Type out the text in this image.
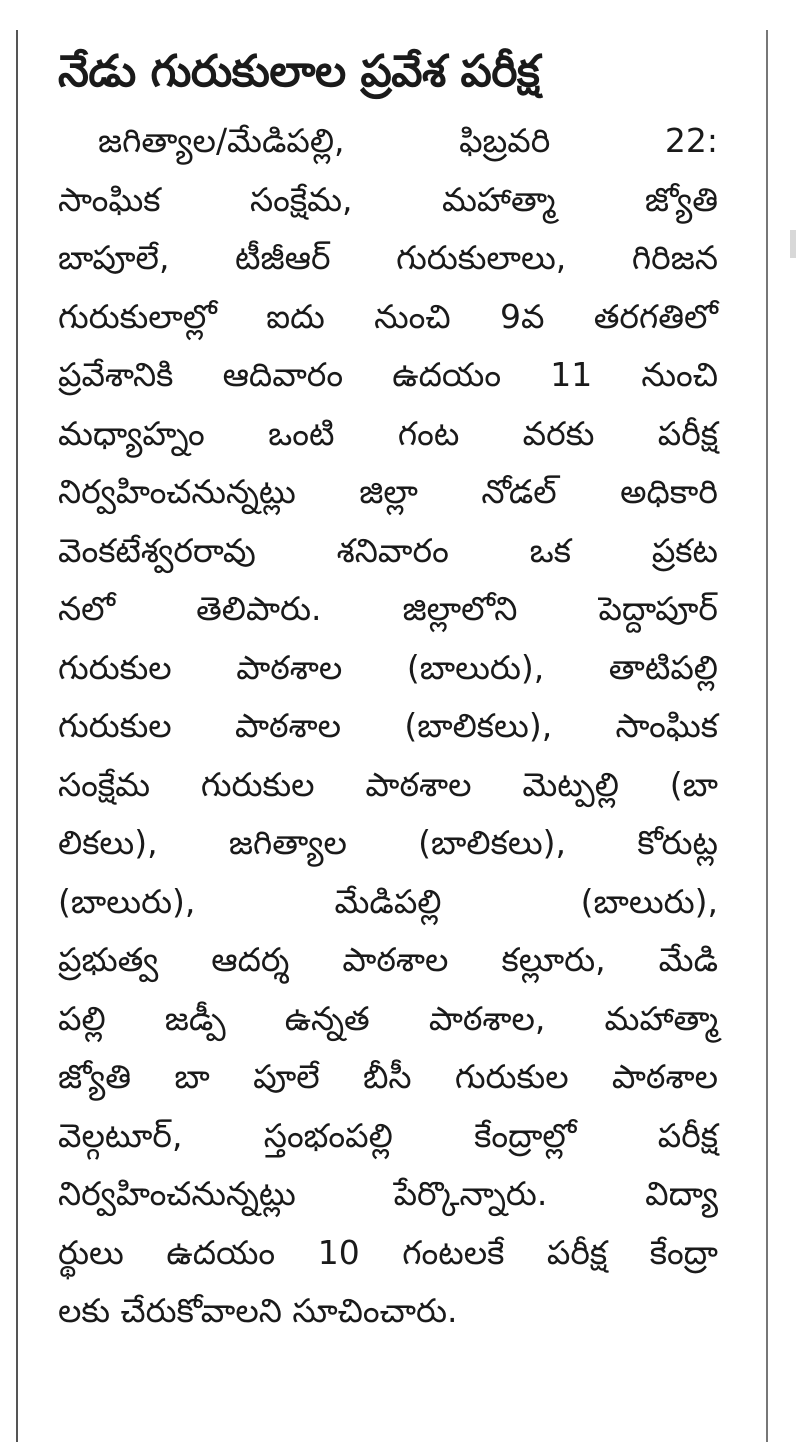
నేడు గురుకులాల ప్రవేశ పరీక్ష
జగిత్యాల/మేడిపల్లి, ఫిబ్రవరి 22:
సాంఘిక సంక్షేమ, మహాత్మా జ్యోతి
బాపూలే, టీజీఆర్ గురుకులాలు, గిరిజన
గురుకులాల్లో ఐదు నుంచి 9వ తరగతిలో
ప్రవేశానికి ఆదివారం ఉదయం 11 నుంచి
మధ్యాహ్నం ఒంటి గంట వరకు పరీక్ష
నిర్వహించనున్నట్లు జిల్లా నోడల్ అధికారి
వెంకటేశ్వరరావు శనివారం ఒక ప్రకట
నలో తెలిపారు. జిల్లాలోని పెద్దాపూర్
గురుకుల పాఠశాల (బాలురు), తాటిపల్లి
గురుకుల పాఠశాల (బాలికలు), సాంఘిక
సంక్షేమ గురుకుల పాఠశాల మెట్పల్లి (బా
లికలు), జగిత్యాల (బాలికలు), కోరుట్ల
(బాలురు), మేడిపల్లి (బాలురు),
ప్రభుత్వ ఆదర్శ పాఠశాల కల్లూరు, మేడి
పల్లి జడ్పీ ఉన్నత పాఠశాల, మహాత్మా
జ్యోతి బా పూలే బీసీ గురుకుల పాఠశాల
వెల్గటూర్, స్తంభంపల్లి కేంద్రాల్లో పరీక్ష
నిర్వహించనున్నట్లు పేర్కొన్నారు. విద్యా
ర్థులు ఉదయం 10 గంటలకే పరీక్ష కేంద్రా
లకు చేరుకోవాలని సూచించారు.
